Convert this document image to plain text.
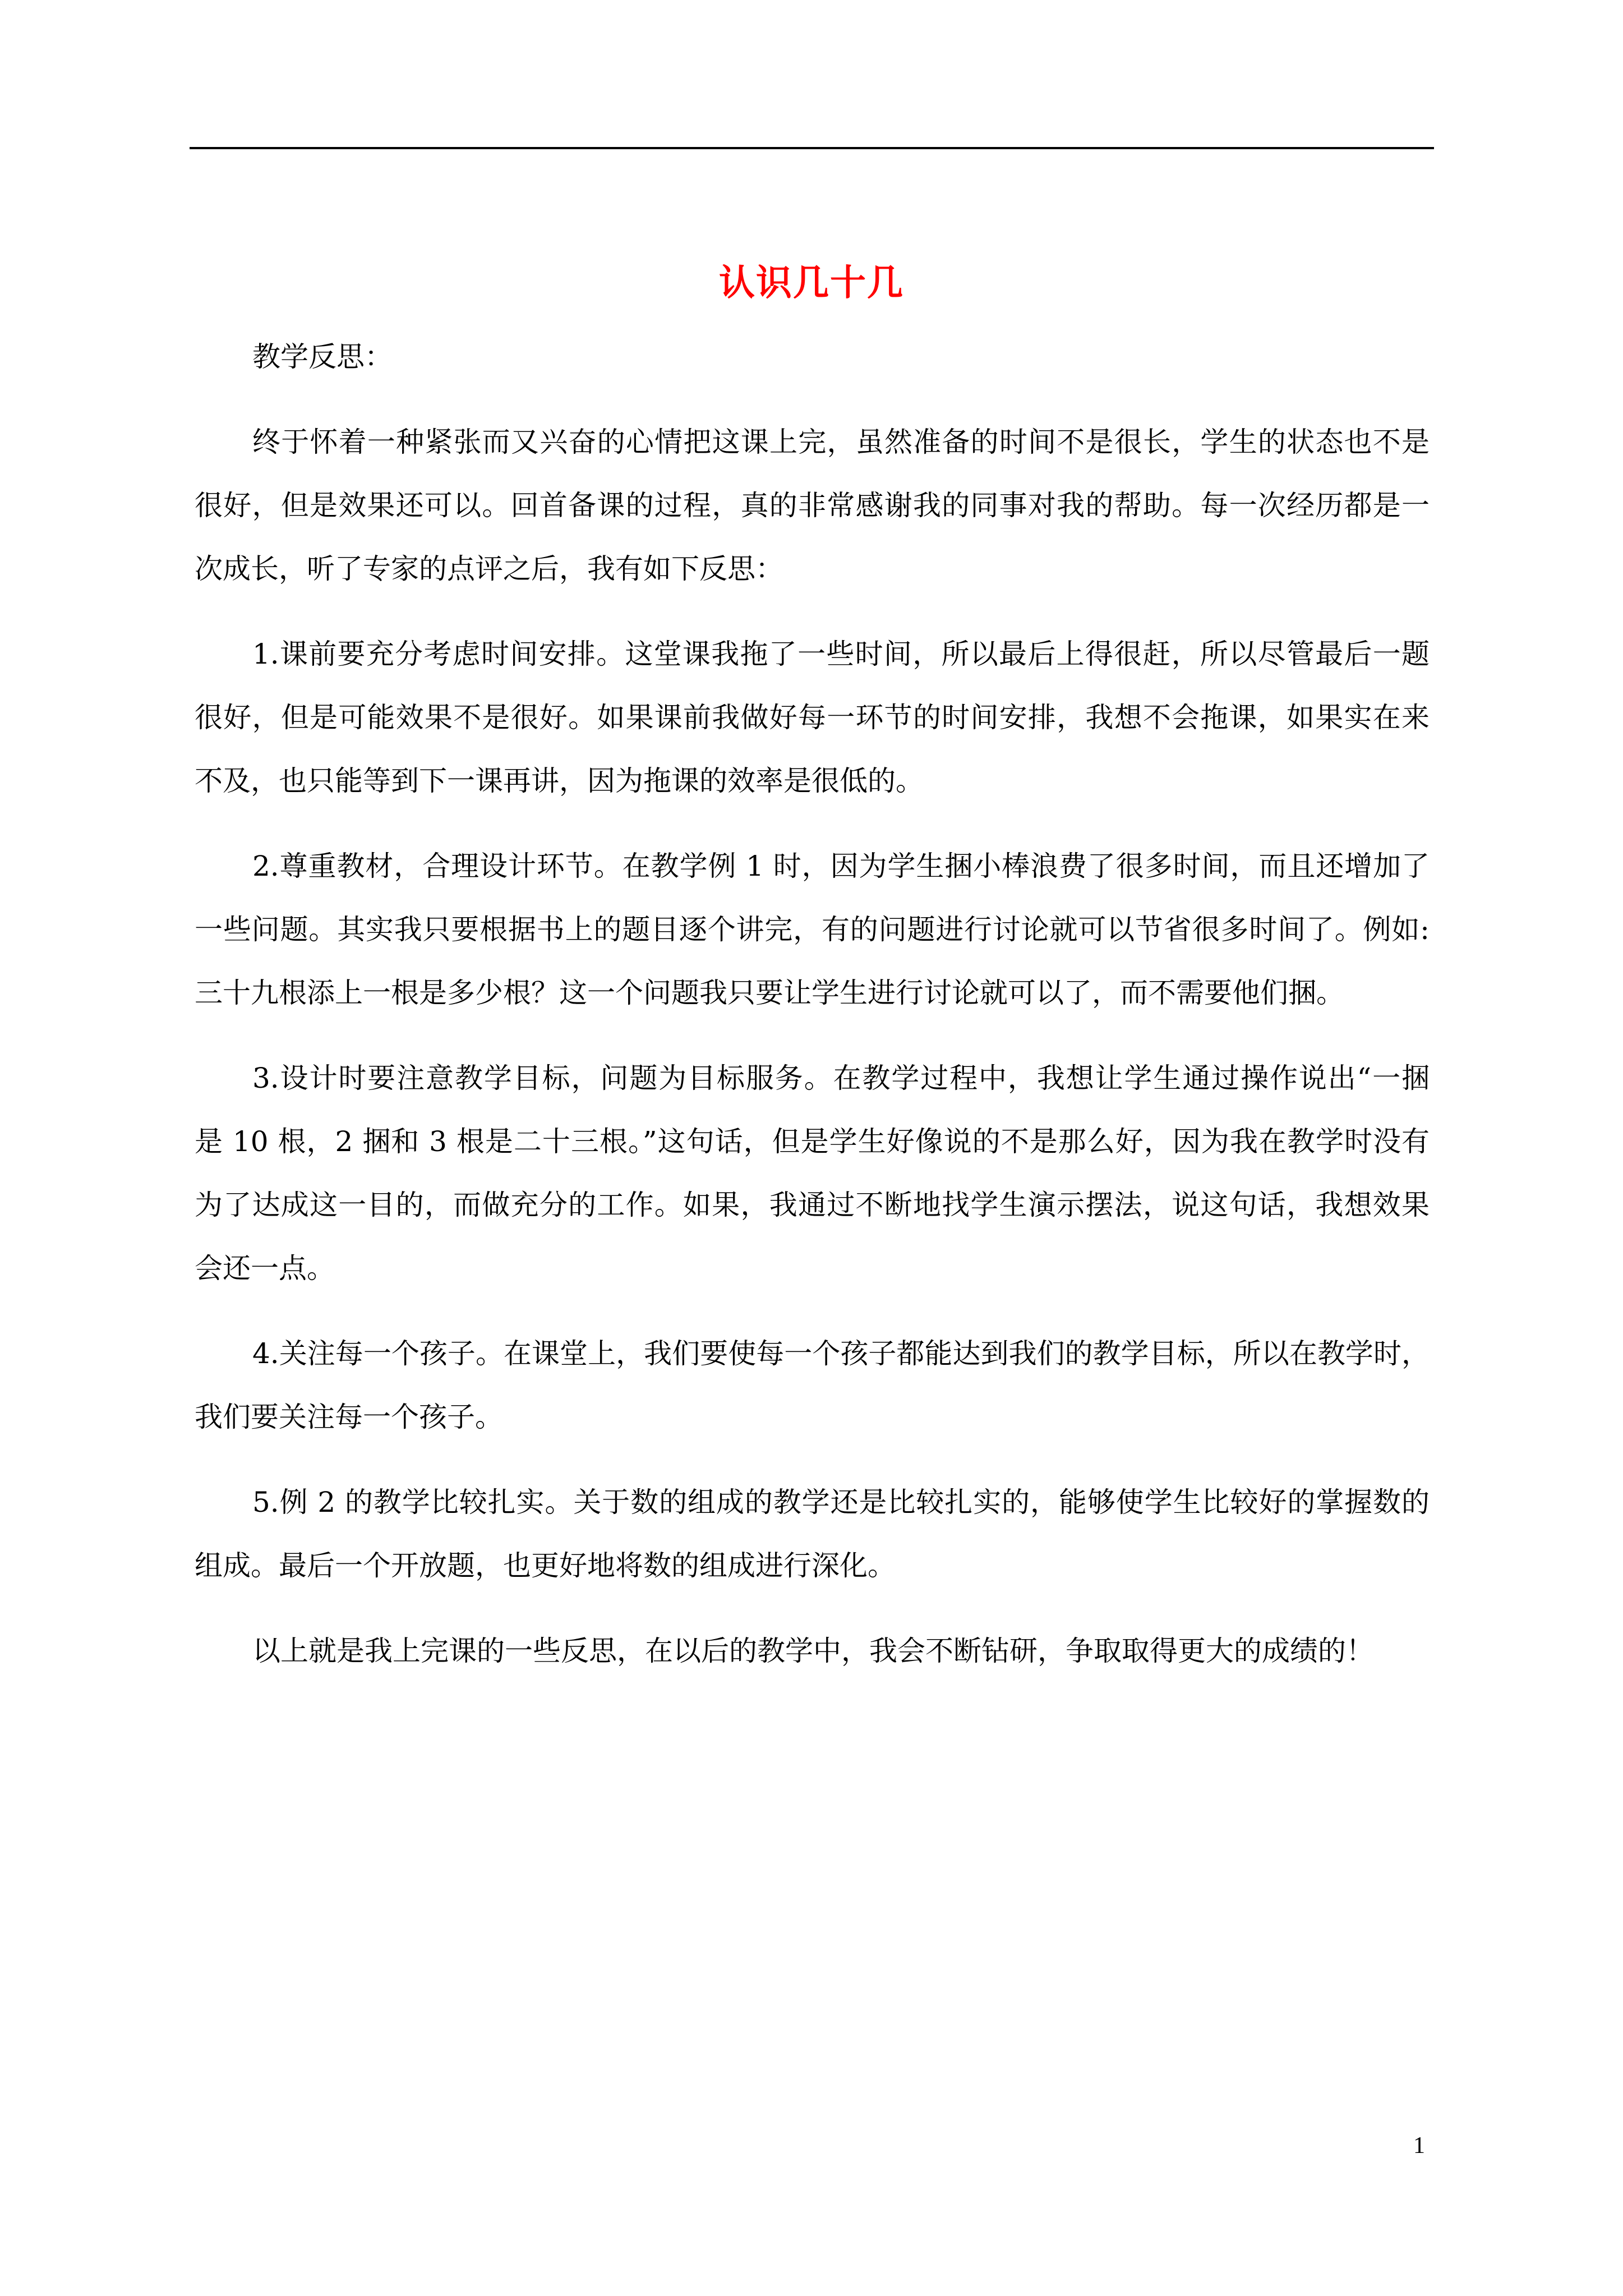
认识几十几
教学反思：
终于怀着一种紧张而又兴奋的心情把这课上完，虽然准备的时间不是很长，学生的状态也不是
很好，但是效果还可以。回首备课的过程，真的非常感谢我的同事对我的帮助。每一次经历都是一
次成长，听了专家的点评之后，我有如下反思：
1.课前要充分考虑时间安排。这堂课我拖了一些时间，所以最后上得很赶，所以尽管最后一题
很好，但是可能效果不是很好。如果课前我做好每一环节的时间安排，我想不会拖课，如果实在来
不及，也只能等到下一课再讲，因为拖课的效率是很低的。
2.尊重教材，合理设计环节。在教学例 1 时，因为学生捆小棒浪费了很多时间，而且还增加了
一些问题。其实我只要根据书上的题目逐个讲完，有的问题进行讨论就可以节省很多时间了。例如:
三十九根添上一根是多少根？这一个问题我只要让学生进行讨论就可以了，而不需要他们捆。
3.设计时要注意教学目标，问题为目标服务。在教学过程中，我想让学生通过操作说出“一捆
是 10 根，2 捆和 3 根是二十三根。”这句话，但是学生好像说的不是那么好，因为我在教学时没有
为了达成这一目的，而做充分的工作。如果，我通过不断地找学生演示摆法，说这句话，我想效果
会还一点。
4.关注每一个孩子。在课堂上，我们要使每一个孩子都能达到我们的教学目标，所以在教学时，
我们要关注每一个孩子。
5.例 2 的教学比较扎实。关于数的组成的教学还是比较扎实的，能够使学生比较好的掌握数的
组成。最后一个开放题，也更好地将数的组成进行深化。
以上就是我上完课的一些反思，在以后的教学中，我会不断钻研，争取取得更大的成绩的！
1
